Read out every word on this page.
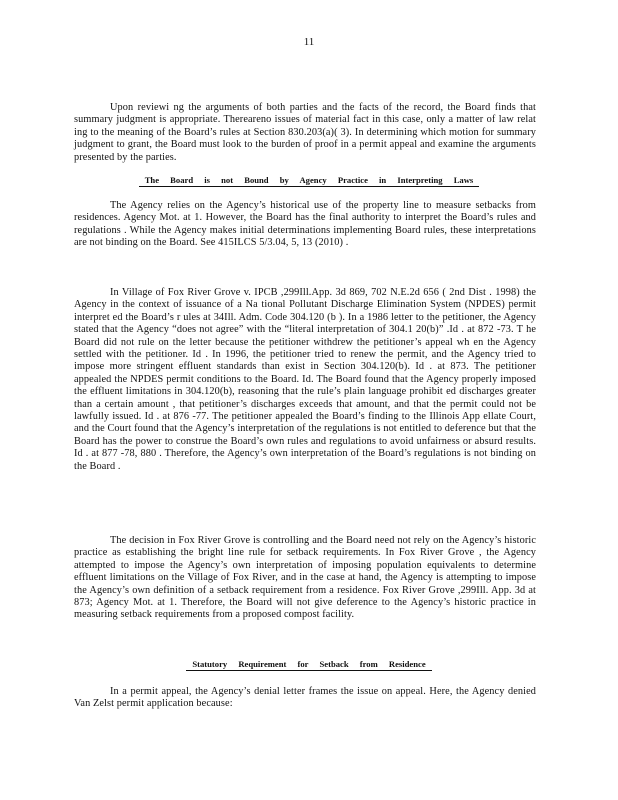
11

Upon reviewi ng the arguments of both parties and the facts of the record, the Board finds that summary judgment is appropriate. Thereareno issues of material fact in this case, only a matter of law relat ing to the meaning of the Board’s rules at Section 830.203(a)( 3). In determining which motion for summary judgment to grant, the Board must look to the burden of proof in a permit appeal and examine the arguments presented by the parties.

The Board is not Bound by Agency Practice in Interpreting Laws

The Agency relies on the Agency’s historical use of the property line to measure setbacks from residences. Agency Mot. at 1. However, the Board has the final authority to interpret the Board’s rules and regulations . While the Agency makes initial determinations implementing Board rules, these interpretations are not binding on the Board. See 415ILCS 5/3.04, 5, 13 (2010) .

In Village of Fox River Grove v. IPCB ,299Ill.App. 3d 869, 702 N.E.2d 656 ( 2nd Dist . 1998) the Agency in the context of issuance of a Na tional Pollutant Discharge Elimination System (NPDES) permit interpret ed the Board’s r ules at 34Ill. Adm. Code 304.120 (b ). In a 1986 letter to the petitioner, the Agency stated that the Agency “does not agree” with the “literal interpretation of 304.1 20(b)” .Id . at 872 -73. T he Board did not rule on the letter because the petitioner withdrew the petitioner’s appeal wh en the Agency settled with the petitioner. Id . In 1996, the petitioner tried to renew the permit, and the Agency tried to impose more stringent effluent standards than exist in Section 304.120(b). Id . at 873. The petitioner appealed the NPDES permit conditions to the Board. Id. The Board found that the Agency properly imposed the effluent limitations in 304.120(b), reasoning that the rule’s plain language prohibit ed discharges greater than a certain amount , that petitioner’s discharges exceeds that amount, and that the permit could not be lawfully issued. Id . at 876 -77. The petitioner appealed the Board’s finding to the Illinois App ellate Court, and the Court found that the Agency’s interpretation of the regulations is not entitled to deference but that the Board has the power to construe the Board’s own rules and regulations to avoid unfairness or absurd results. Id . at 877 -78, 880 . Therefore, the Agency’s own interpretation of the Board’s regulations is not binding on the Board .

The decision in Fox River Grove is controlling and the Board need not rely on the Agency’s historic practice as establishing the bright line rule for setback requirements. In Fox River Grove , the Agency attempted to impose the Agency’s own interpretation of imposing population equivalents to determine effluent limitations on the Village of Fox River, and in the case at hand, the Agency is attempting to impose the Agency’s own definition of a setback requirement from a residence. Fox River Grove ,299Ill. App. 3d at 873; Agency Mot. at 1. Therefore, the Board will not give deference to the Agency’s historic practice in measuring setback requirements from a proposed compost facility.

Statutory Requirement for Setback from Residence

In a permit appeal, the Agency’s denial letter frames the issue on appeal. Here, the Agency denied Van Zelst permit application because:
